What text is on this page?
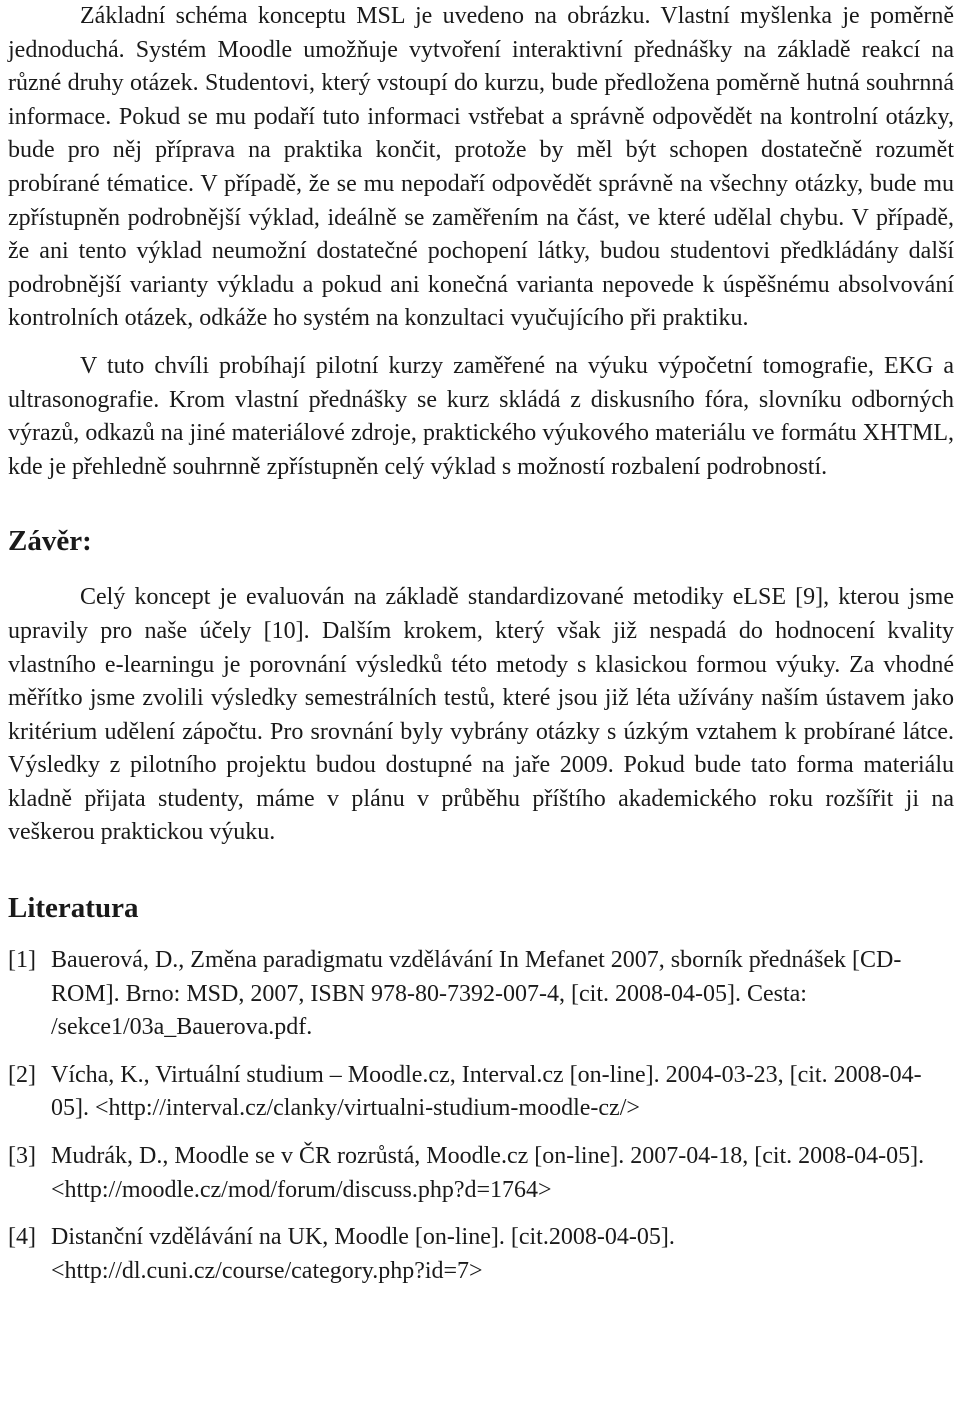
Základní schéma konceptu MSL je uvedeno na obrázku. Vlastní myšlenka je poměrně jednoduchá. Systém Moodle umožňuje vytvoření interaktivní přednášky na základě reakcí na různé druhy otázek. Studentovi, který vstoupí do kurzu, bude předložena poměrně hutná souhrnná informace. Pokud se mu podaří tuto informaci vstřebat a správně odpovědět na kontrolní otázky, bude pro něj příprava na praktika končit, protože by měl být schopen dostatečně rozumět probírané tématice. V případě, že se mu nepodaří odpovědět správně na všechny otázky, bude mu zpřístupněn podrobnější výklad, ideálně se zaměřením na část, ve které udělal chybu. V případě, že ani tento výklad neumožní dostatečné pochopení látky, budou studentovi předkládány další podrobnější varianty výkladu a pokud ani konečná varianta nepovede k úspěšnému absolvování kontrolních otázek, odkáže ho systém na konzultaci vyučujícího při praktiku.

V tuto chvíli probíhají pilotní kurzy zaměřené na výuku výpočetní tomografie, EKG a ultrasonografie. Krom vlastní přednášky se kurz skládá z diskusního fóra, slovníku odborných výrazů, odkazů na jiné materiálové zdroje, praktického výukového materiálu ve formátu XHTML, kde je přehledně souhrnně zpřístupněn celý výklad s možností rozbalení podrobností.

Závěr:

Celý koncept je evaluován na základě standardizované metodiky eLSE [9], kterou jsme upravily pro naše účely [10]. Dalším krokem, který však již nespadá do hodnocení kvality vlastního e-learningu je porovnání výsledků této metody s klasickou formou výuky. Za vhodné měřítko jsme zvolili výsledky semestrálních testů, které jsou již léta užívány naším ústavem jako kritérium udělení zápočtu. Pro srovnání byly vybrány otázky s úzkým vztahem k probírané látce. Výsledky z pilotního projektu budou dostupné na jaře 2009. Pokud bude tato forma materiálu kladně přijata studenty, máme v plánu v průběhu příštího akademického roku rozšířit ji na veškerou praktickou výuku.

Literatura
[1] Bauerová, D., Změna paradigmatu vzdělávání In Mefanet 2007, sborník přednášek [CD-ROM]. Brno: MSD, 2007, ISBN 978-80-7392-007-4, [cit. 2008-04-05]. Cesta: /sekce1/03a_Bauerova.pdf.
[2] Vícha, K., Virtuální studium – Moodle.cz, Interval.cz [on-line]. 2004-03-23, [cit. 2008-04-05]. <http://interval.cz/clanky/virtualni-studium-moodle-cz/>
[3] Mudrák, D., Moodle se v ČR rozrůstá, Moodle.cz [on-line]. 2007-04-18, [cit. 2008-04-05]. <http://moodle.cz/mod/forum/discuss.php?d=1764>
[4] Distanční vzdělávání na UK, Moodle [on-line]. [cit.2008-04-05]. <http://dl.cuni.cz/course/category.php?id=7>
